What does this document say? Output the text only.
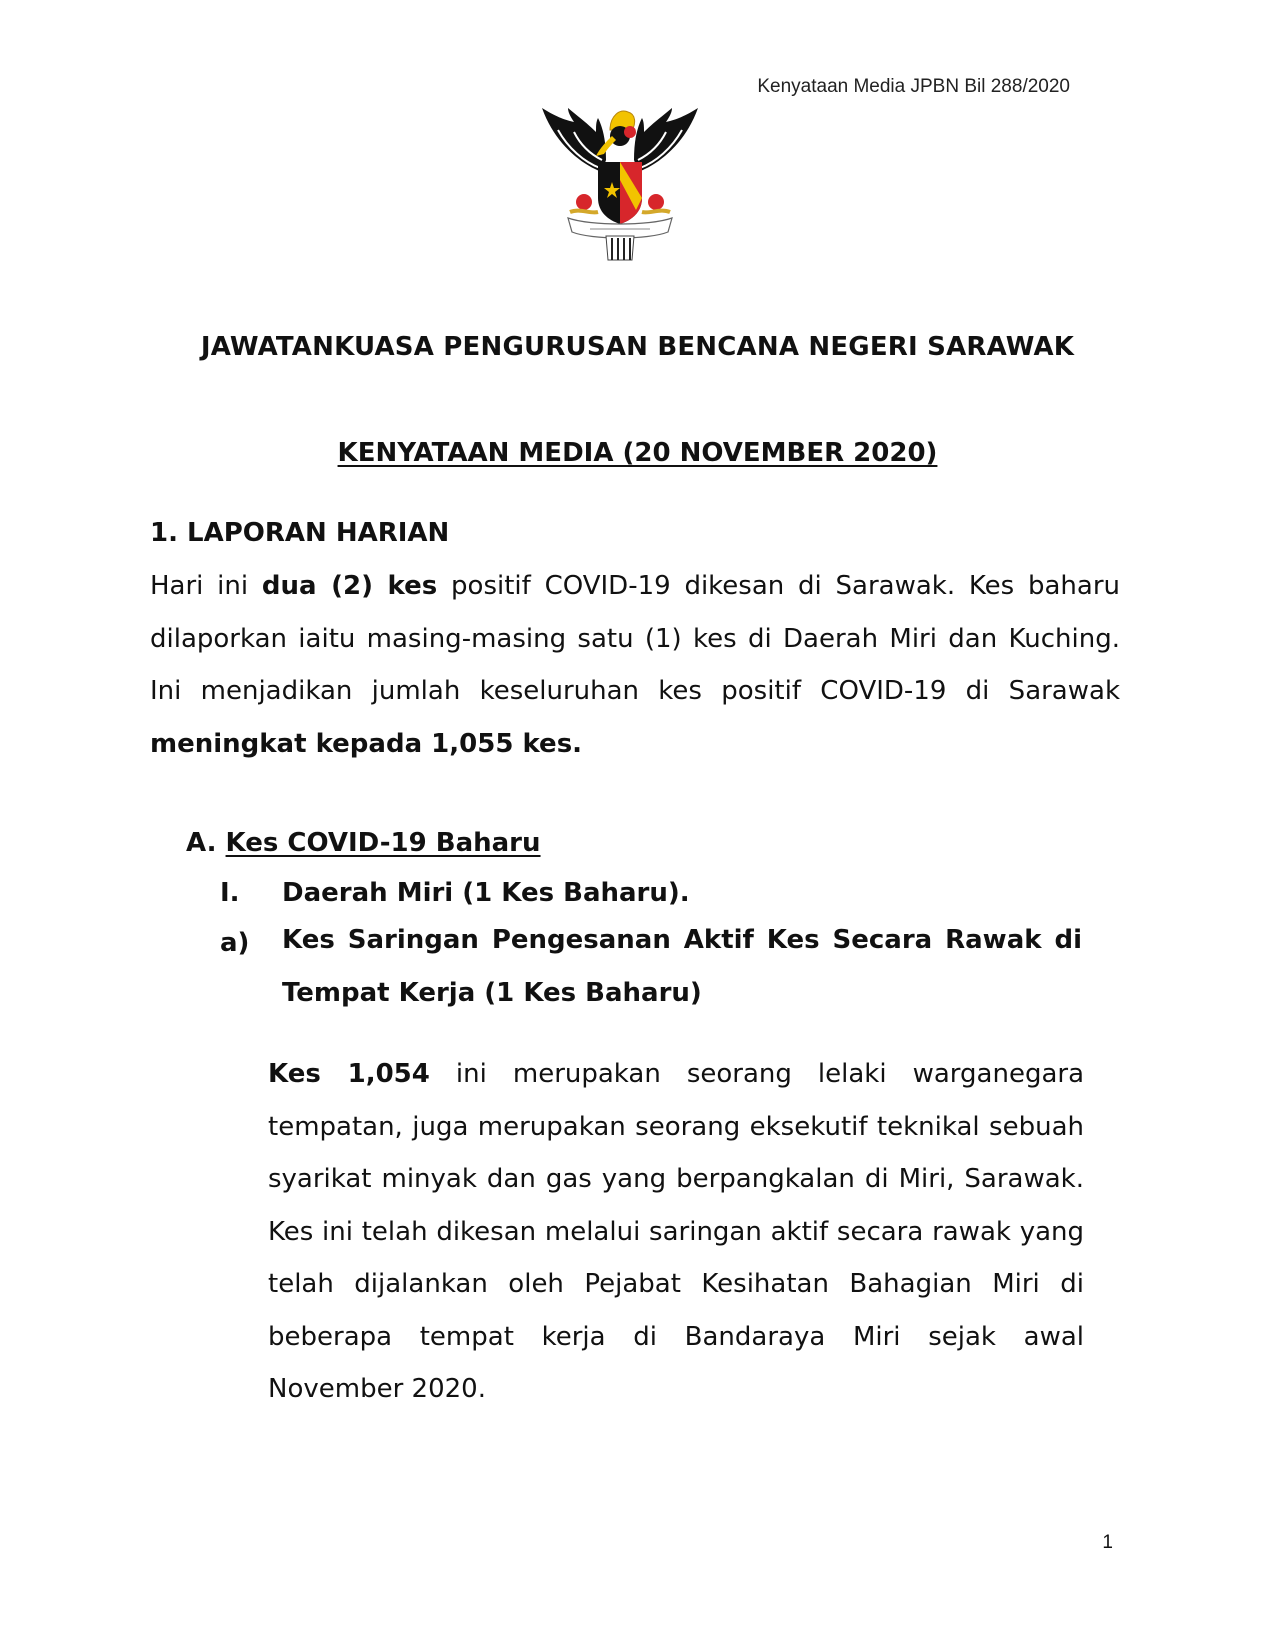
Kenyataan Media JPBN Bil 288/2020
JAWATANKUASA PENGURUSAN BENCANA NEGERI SARAWAK
KENYATAAN MEDIA (20 NOVEMBER 2020)
1. LAPORAN HARIAN

Hari ini dua (2) kes positif COVID-19 dikesan di Sarawak. Kes baharu dilaporkan iaitu masing-masing satu (1) kes di Daerah Miri dan Kuching. Ini menjadikan jumlah keseluruhan kes positif COVID-19 di Sarawak meningkat kepada 1,055 kes.

A. Kes COVID-19 Baharu
I. Daerah Miri (1 Kes Baharu).
a) Kes Saringan Pengesanan Aktif Kes Secara Rawak di Tempat Kerja (1 Kes Baharu)

Kes 1,054 ini merupakan seorang lelaki warganegara tempatan, juga merupakan seorang eksekutif teknikal sebuah syarikat minyak dan gas yang berpangkalan di Miri, Sarawak. Kes ini telah dikesan melalui saringan aktif secara rawak yang telah dijalankan oleh Pejabat Kesihatan Bahagian Miri di beberapa tempat kerja di Bandaraya Miri sejak awal November 2020.

1
